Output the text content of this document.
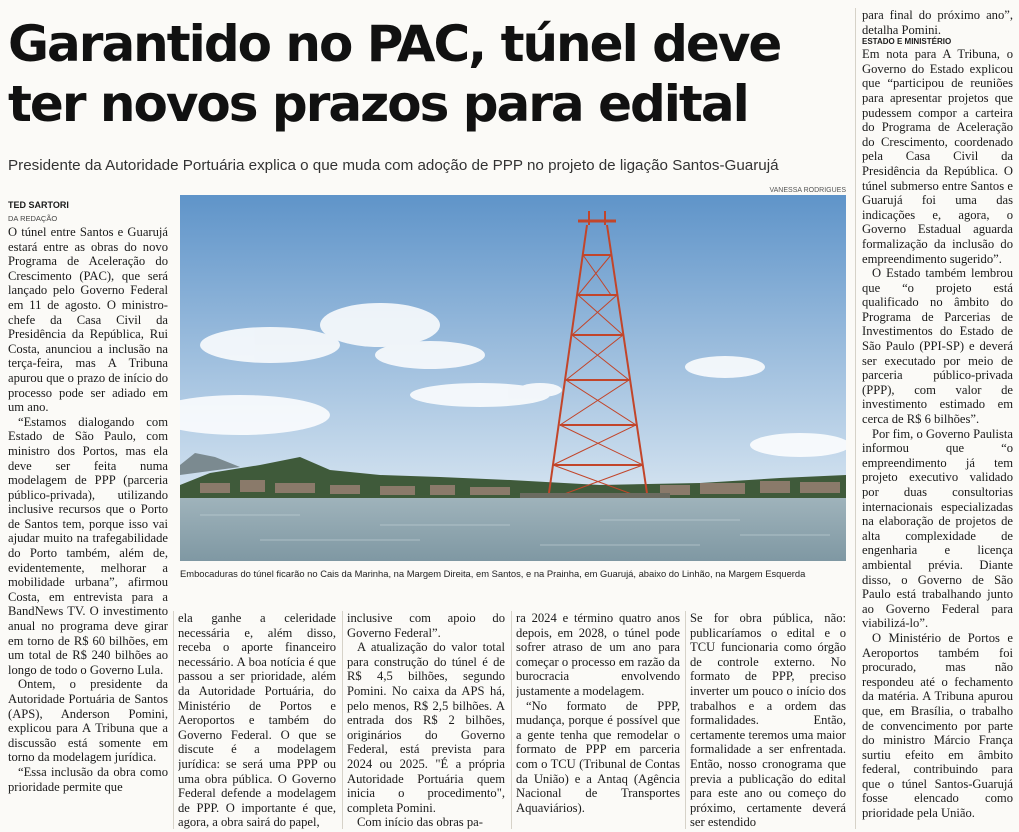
Garantido no PAC, túnel deve ter novos prazos para edital
Presidente da Autoridade Portuária explica o que muda com adoção de PPP no projeto de ligação Santos-Guarujá
TED SARTORI
DA REDAÇÃO
VANESSA RODRIGUES
Embocaduras do túnel ficarão no Cais da Marinha, na Margem Direita, em Santos, e na Prainha, em Guarujá, abaixo do Linhão, na Margem Esquerda

O túnel entre Santos e Guarujá estará entre as obras do novo Programa de Aceleração do Crescimento (PAC), que será lançado pelo Governo Federal em 11 de agosto. O ministro-chefe da Casa Civil da Presidência da República, Rui Costa, anunciou a inclusão na terça-feira, mas A Tribuna apurou que o prazo de início do processo pode ser adiado em um ano.

“Estamos dialogando com Estado de São Paulo, com ministro dos Portos, mas ela deve ser feita numa modelagem de PPP (parceria público-privada), utilizando inclusive recursos que o Porto de Santos tem, porque isso vai ajudar muito na trafegabilidade do Porto também, além de, evidentemente, melhorar a mobilidade urbana”, afirmou Costa, em entrevista para a BandNews TV. O investimento anual no programa deve girar em torno de R$ 60 bilhões, em um total de R$ 240 bilhões ao longo de todo o Governo Lula.

Ontem, o presidente da Autoridade Portuária de Santos (APS), Anderson Pomini, explicou para A Tribuna que a discussão está somente em torno da modelagem jurídica.

“Essa inclusão da obra como prioridade permite que

ela ganhe a celeridade necessária e, além disso, receba o aporte financeiro necessário. A boa notícia é que passou a ser prioridade, além da Autoridade Portuária, do Ministério de Portos e Aeroportos e também do Governo Federal. O que se discute é a modelagem jurídica: se será uma PPP ou uma obra pública. O Governo Federal defende a modelagem de PPP. O importante é que, agora, a obra sairá do papel,

inclusive com apoio do Governo Federal”.

A atualização do valor total para construção do túnel é de R$ 4,5 bilhões, segundo Pomini. No caixa da APS há, pelo menos, R$ 2,5 bilhões. A entrada dos R$ 2 bilhões, originários do Governo Federal, está prevista para 2024 ou 2025. "É a própria Autoridade Portuária quem inicia o procedimento", completa Pomini.

Com início das obras pa-

ra 2024 e término quatro anos depois, em 2028, o túnel pode sofrer atraso de um ano para começar o processo em razão da burocracia envolvendo justamente a modelagem.

“No formato de PPP, mudança, porque é possível que a gente tenha que remodelar o formato de PPP em parceria com o TCU (Tribunal de Contas da União) e a Antaq (Agência Nacional de Transportes Aquaviários).

Se for obra pública, não: publicaríamos o edital e o TCU funcionaria como órgão de controle externo. No formato de PPP, preciso inverter um pouco o início dos trabalhos e a ordem das formalidades. Então, certamente teremos uma maior formalidade a ser enfrentada. Então, nosso cronograma que previa a publicação do edital para este ano ou começo do próximo, certamente deverá ser estendido

para final do próximo ano”, detalha Pomini.

ESTADO E MINISTÉRIO

Em nota para A Tribuna, o Governo do Estado explicou que “participou de reuniões para apresentar projetos que pudessem compor a carteira do Programa de Aceleração do Crescimento, coordenado pela Casa Civil da Presidência da República. O túnel submerso entre Santos e Guarujá foi uma das indicações e, agora, o Governo Estadual aguarda formalização da inclusão do empreendimento sugerido”.

O Estado também lembrou que “o projeto está qualificado no âmbito do Programa de Parcerias de Investimentos do Estado de São Paulo (PPI-SP) e deverá ser executado por meio de parceria público-privada (PPP), com valor de investimento estimado em cerca de R$ 6 bilhões”.

Por fim, o Governo Paulista informou que “o empreendimento já tem projeto executivo validado por duas consultorias internacionais especializadas na elaboração de projetos de alta complexidade de engenharia e licença ambiental prévia. Diante disso, o Governo de São Paulo está trabalhando junto ao Governo Federal para viabilizá-lo”.

O Ministério de Portos e Aeroportos também foi procurado, mas não respondeu até o fechamento da matéria. A Tribuna apurou que, em Brasília, o trabalho de convencimento por parte do ministro Márcio França surtiu efeito em âmbito federal, contribuindo para que o túnel Santos-Guarujá fosse elencado como prioridade pela União.
